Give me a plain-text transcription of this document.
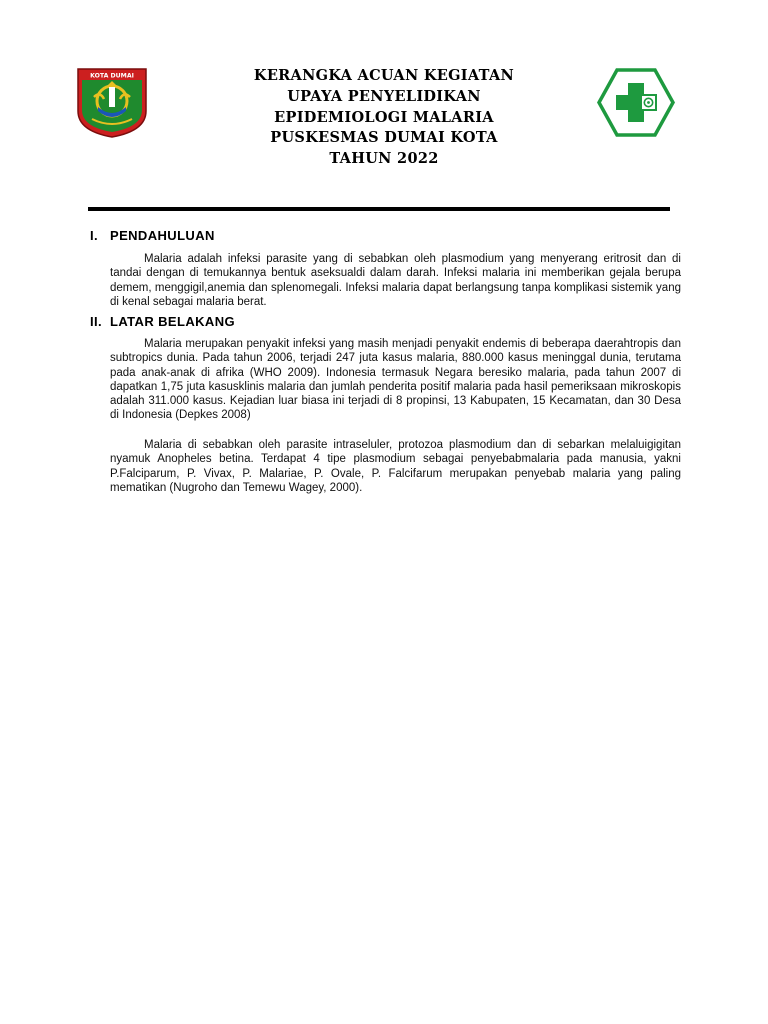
KOTA DUMAI	KERANGKA ACUAN KEGIATAN
UPAYA PENYELIDIKAN
EPIDEMIOLOGI MALARIA
PUSKESMAS DUMAI KOTA
TAHUN 2022
I. PENDAHULUAN

Malaria adalah infeksi parasite yang di sebabkan oleh plasmodium yang menyerang eritrosit dan di tandai dengan di temukannya bentuk aseksualdi dalam darah. Infeksi malaria ini memberikan gejala berupa demem, menggigil,anemia dan splenomegali. Infeksi malaria dapat berlangsung tanpa komplikasi sistemik yang di kenal sebagai malaria berat.

II. LATAR BELAKANG

Malaria merupakan penyakit infeksi yang masih menjadi penyakit endemis di beberapa daerahtropis dan subtropics dunia. Pada tahun 2006, terjadi 247 juta kasus malaria, 880.000 kasus meninggal dunia, terutama pada anak-anak di afrika (WHO 2009). Indonesia termasuk Negara beresiko malaria, pada tahun 2007 di dapatkan 1,75 juta kasusklinis malaria dan jumlah penderita positif malaria pada hasil pemeriksaan mikroskopis adalah 311.000 kasus. Kejadian luar biasa ini terjadi di 8 propinsi, 13 Kabupaten, 15 Kecamatan, dan 30 Desa di Indonesia (Depkes 2008)

Malaria di sebabkan oleh parasite intraseluler, protozoa plasmodium dan di sebarkan melaluigigitan nyamuk Anopheles betina. Terdapat 4 tipe plasmodium sebagai penyebabmalaria pada manusia, yakni P.Falciparum, P. Vivax, P. Malariae, P. Ovale, P. Falcifarum merupakan penyebab malaria yang paling mematikan (Nugroho dan Temewu Wagey, 2000).
